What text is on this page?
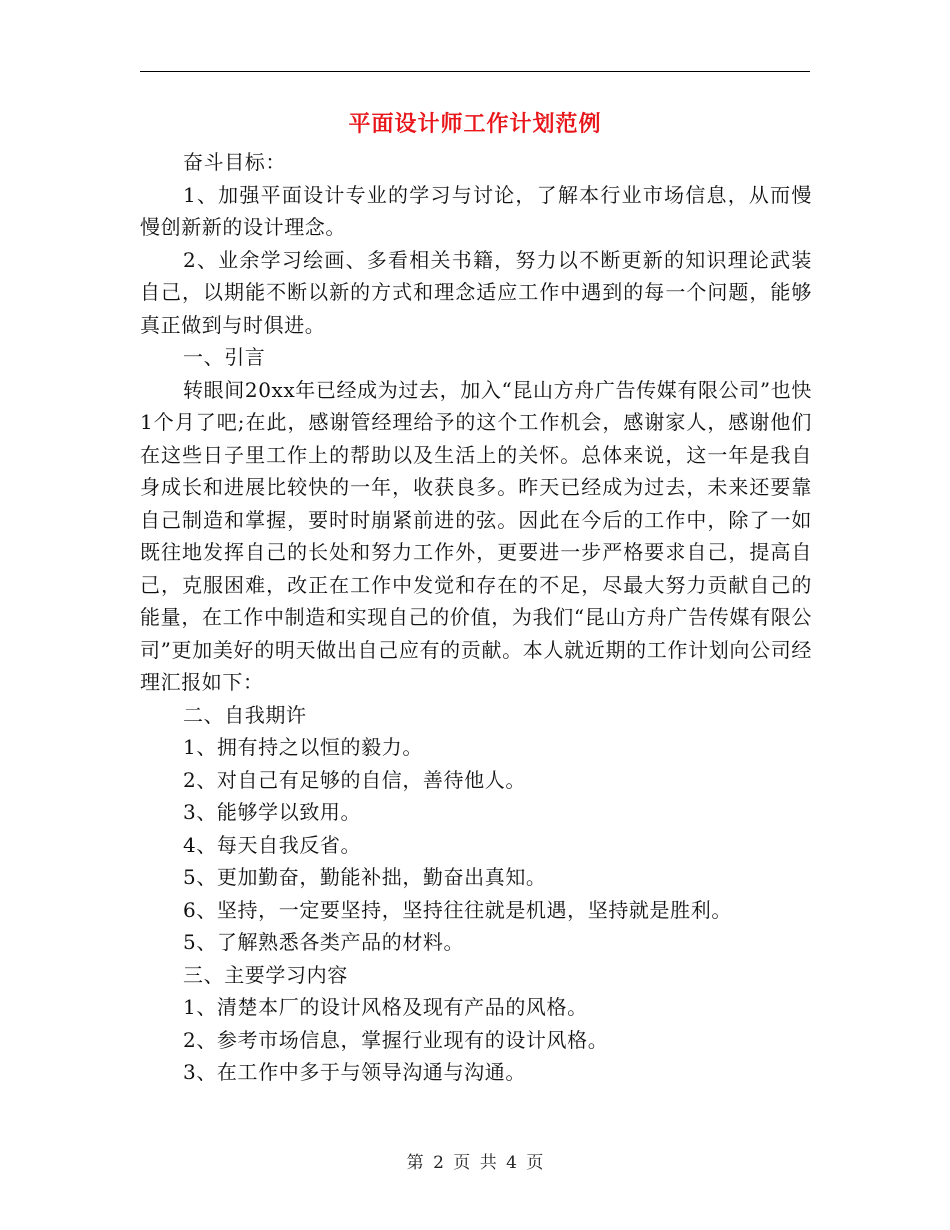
平面设计师工作计划范例

奋斗目标：

1、加强平面设计专业的学习与讨论，了解本行业市场信息，从而慢慢创新新的设计理念。

2、业余学习绘画、多看相关书籍，努力以不断更新的知识理论武装自己，以期能不断以新的方式和理念适应工作中遇到的每一个问题，能够真正做到与时俱进。

一、引言

转眼间20xx年已经成为过去，加入“昆山方舟广告传媒有限公司”也快1个月了吧;在此，感谢管经理给予的这个工作机会，感谢家人，感谢他们在这些日子里工作上的帮助以及生活上的关怀。总体来说，这一年是我自身成长和进展比较快的一年，收获良多。昨天已经成为过去，未来还要靠自己制造和掌握，要时时崩紧前进的弦。因此在今后的工作中，除了一如既往地发挥自己的长处和努力工作外，更要进一步严格要求自己，提高自己，克服困难，改正在工作中发觉和存在的不足，尽最大努力贡献自己的能量，在工作中制造和实现自己的价值，为我们“昆山方舟广告传媒有限公司”更加美好的明天做出自己应有的贡献。本人就近期的工作计划向公司经理汇报如下：

二、自我期许

1、拥有持之以恒的毅力。

2、对自己有足够的自信，善待他人。

3、能够学以致用。

4、每天自我反省。

5、更加勤奋，勤能补拙，勤奋出真知。

6、坚持，一定要坚持，坚持往往就是机遇，坚持就是胜利。

5、了解熟悉各类产品的材料。

三、主要学习内容

1、清楚本厂的设计风格及现有产品的风格。

2、参考市场信息，掌握行业现有的设计风格。

3、在工作中多于与领导沟通与沟通。

第 2 页 共 4 页
